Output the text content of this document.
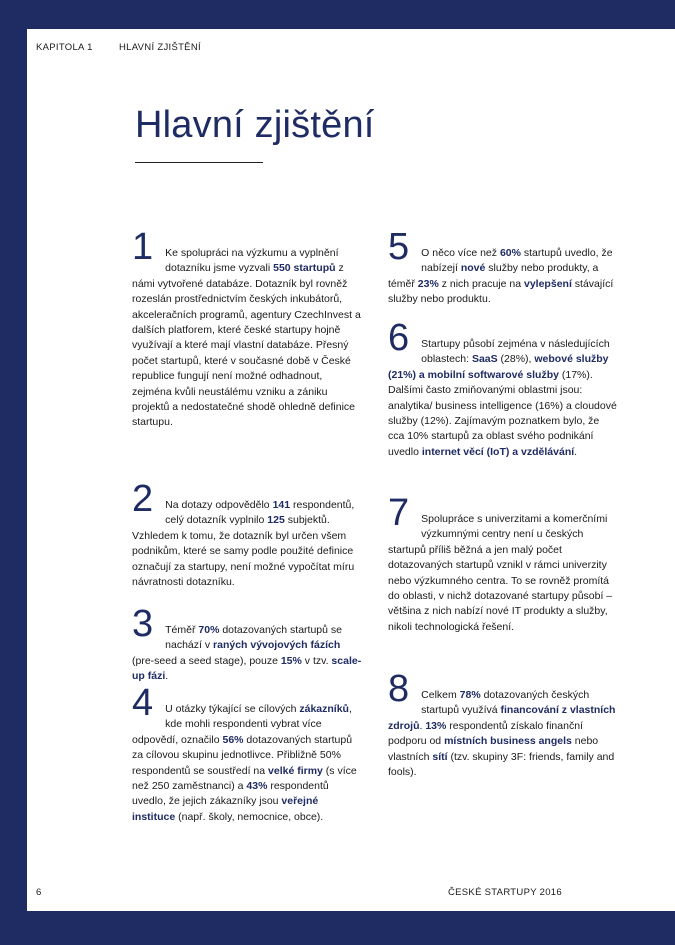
KAPITOLA 1	HLAVNÍ ZJIŠTĚNÍ
Hlavní zjištění
1	Ke spolupráci na výzkumu a vyplnění dotazníku jsme vyzvali 550 startupů z námi vytvořené databáze. Dotazník byl rovněž rozeslán prostřednictvím českých inkubátorů, akceleračních programů, agentury CzechInvest a dalších platforem, které české startupy hojně využívají a které mají vlastní databáze. Přesný počet startupů, které v současné době v České republice fungují není možné odhadnout, zejména kvůli neustálému vzniku a zániku projektů a nedostatečné shodě ohledně definice startupu.

2	Na dotazy odpovědělo 141 respondentů, celý dotazník vyplnilo 125 subjektů. Vzhledem k tomu, že dotazník byl určen všem podnikům, které se samy podle použité definice označují za startupy, není možné vypočítat míru návratnosti dotazníku.

3	Téměř 70% dotazovaných startupů se nachází v raných vývojových fázích (pre-seed a seed stage), pouze 15% v tzv. scale-up fázi.

4	U otázky týkající se cílových zákazníků, kde mohli respondenti vybrat více odpovědí, označilo 56% dotazovaných startupů za cílovou skupinu jednotlivce. Přibližně 50% respondentů se soustředí na velké firmy (s více než 250 zaměstnanci) a 43% respondentů uvedlo, že jejich zákazníky jsou veřejné instituce (např. školy, nemocnice, obce).

5	O něco více než 60% startupů uvedlo, že nabízejí nové služby nebo produkty, a téměř 23% z nich pracuje na vylepšení stávající služby nebo produktu.

6	Startupy působí zejména v následujících oblastech: SaaS (28%), webové služby (21%) a mobilní softwarové služby (17%). Dalšími často zmiňovanými oblastmi jsou: analytika/ business intelligence (16%) a cloudové služby (12%). Zajímavým poznatkem bylo, že cca 10% startupů za oblast svého podnikání uvedlo internet věcí (IoT) a vzdělávání.

7	Spolupráce s univerzitami a komerčními výzkumnými centry není u českých startupů příliš běžná a jen malý počet dotazovaných startupů vznikl v rámci univerzity nebo výzkumného centra. To se rovněž promítá do oblasti, v nichž dotazované startupy působí – většina z nich nabízí nové IT produkty a služby, nikoli technologická řešení.

8	Celkem 78% dotazovaných českých startupů využívá financování z vlastních zdrojů. 13% respondentů získalo finanční podporu od místních business angels nebo vlastních sítí (tzv. skupiny 3F: friends, family and fools).

6	ČESKÉ STARTUPY 2016
